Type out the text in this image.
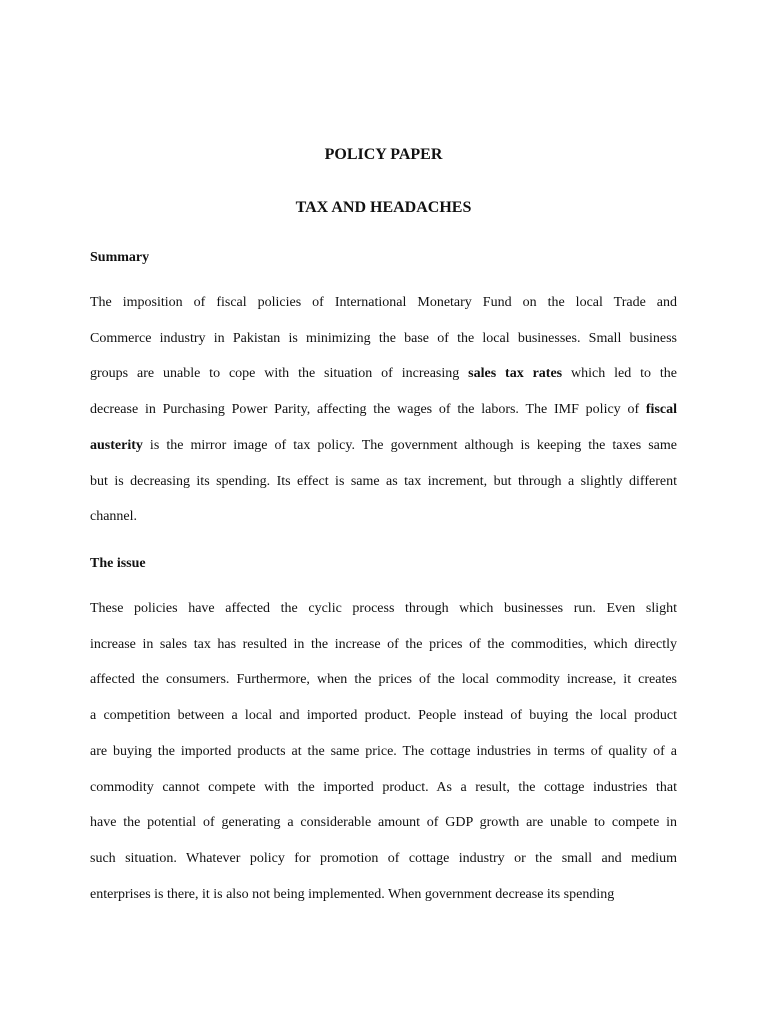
POLICY PAPER
TAX AND HEADACHES
Summary
The imposition of fiscal policies of International Monetary Fund on the local Trade and
Commerce industry in Pakistan is minimizing the base of the local businesses. Small business
groups are unable to cope with the situation of increasing sales tax rates which led to the
decrease in Purchasing Power Parity, affecting the wages of the labors. The IMF policy of fiscal
austerity is the mirror image of tax policy. The government although is keeping the taxes same
but is decreasing its spending. Its effect is same as tax increment, but through a slightly different
channel.
The issue
These policies have affected the cyclic process through which businesses run. Even slight
increase in sales tax has resulted in the increase of the prices of the commodities, which directly
affected the consumers. Furthermore, when the prices of the local commodity increase, it creates
a competition between a local and imported product. People instead of buying the local product
are buying the imported products at the same price. The cottage industries in terms of quality of a
commodity cannot compete with the imported product. As a result, the cottage industries that
have the potential of generating a considerable amount of GDP growth are unable to compete in
such situation. Whatever policy for promotion of cottage industry or the small and medium
enterprises is there, it is also not being implemented. When government decrease its spending
